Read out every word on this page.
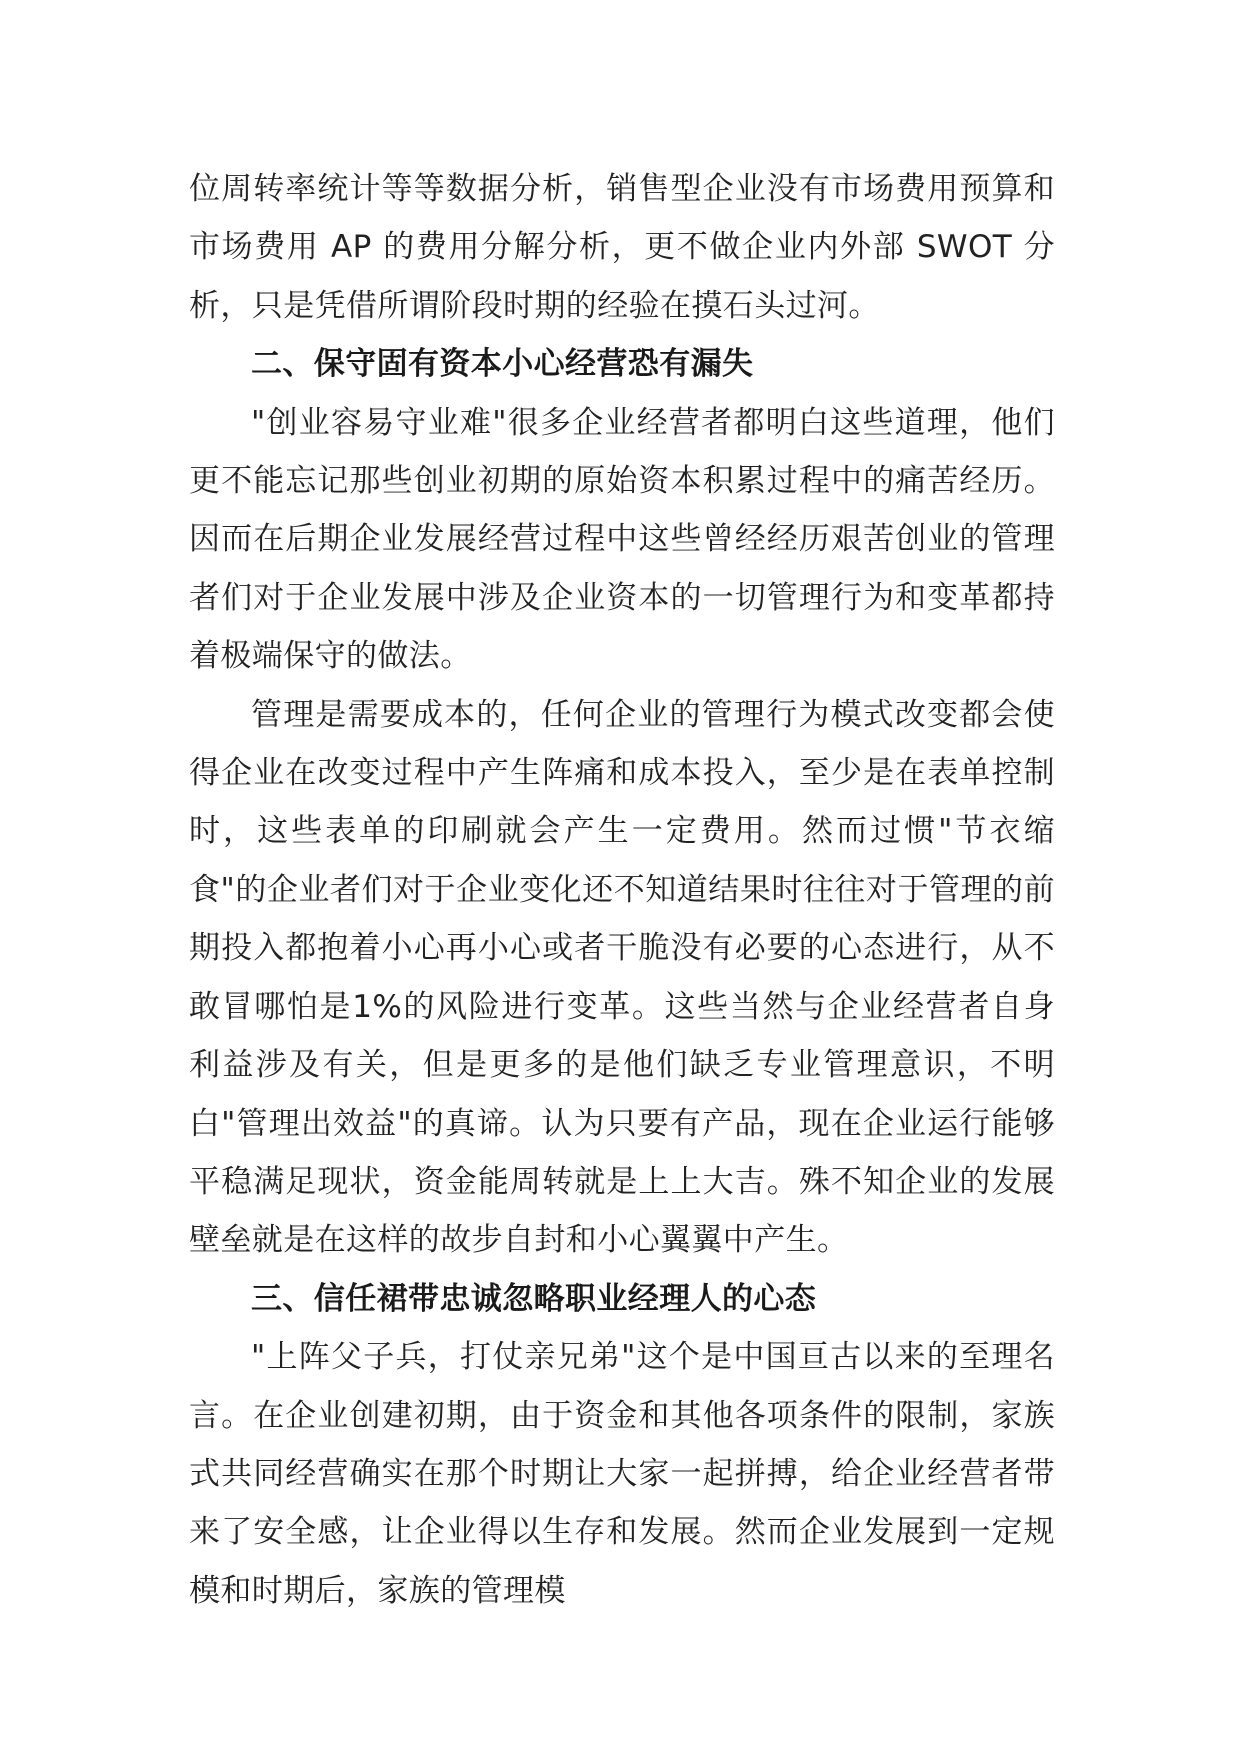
位周转率统计等等数据分析，销售型企业没有市场费用预算和市场费用 AP 的费用分解分析，更不做企业内外部 SWOT 分析，只是凭借所谓阶段时期的经验在摸石头过河。

二、保守固有资本小心经营恐有漏失

"创业容易守业难"很多企业经营者都明白这些道理，他们更不能忘记那些创业初期的原始资本积累过程中的痛苦经历。因而在后期企业发展经营过程中这些曾经经历艰苦创业的管理者们对于企业发展中涉及企业资本的一切管理行为和变革都持着极端保守的做法。

管理是需要成本的，任何企业的管理行为模式改变都会使得企业在改变过程中产生阵痛和成本投入，至少是在表单控制时，这些表单的印刷就会产生一定费用。然而过惯"节衣缩食"的企业者们对于企业变化还不知道结果时往往对于管理的前期投入都抱着小心再小心或者干脆没有必要的心态进行，从不敢冒哪怕是1%的风险进行变革。这些当然与企业经营者自身利益涉及有关，但是更多的是他们缺乏专业管理意识，不明白"管理出效益"的真谛。认为只要有产品，现在企业运行能够平稳满足现状，资金能周转就是上上大吉。殊不知企业的发展壁垒就是在这样的故步自封和小心翼翼中产生。

三、信任裙带忠诚忽略职业经理人的心态

"上阵父子兵，打仗亲兄弟"这个是中国亘古以来的至理名言。在企业创建初期，由于资金和其他各项条件的限制，家族式共同经营确实在那个时期让大家一起拼搏，给企业经营者带来了安全感，让企业得以生存和发展。然而企业发展到一定规模和时期后，家族的管理模
